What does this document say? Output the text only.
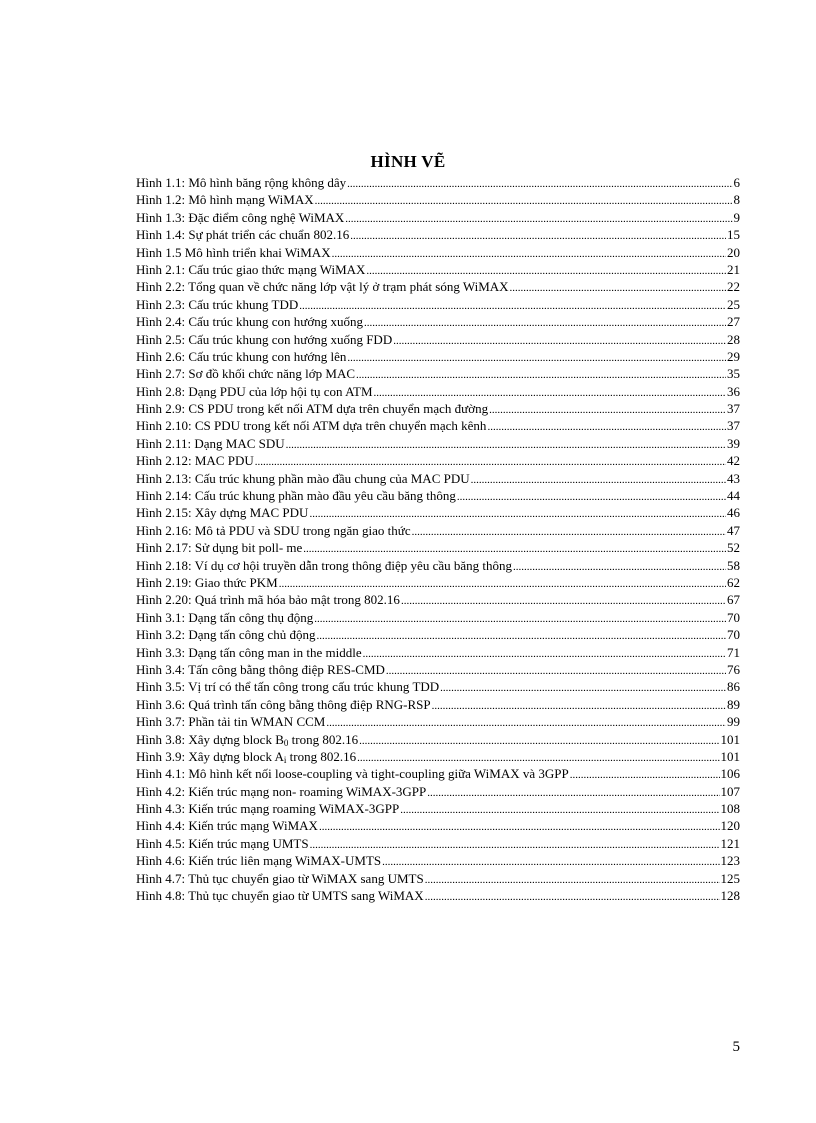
HÌNH VẼ
Hình 1.1: Mô hình băng rộng không dây .....	6
Hình 1.2: Mô hình mạng WiMAX .....	8
Hình 1.3: Đặc điểm công nghệ WiMAX .....	9
Hình 1.4: Sự phát triển các chuẩn 802.16 .....	15
Hình 1.5 Mô hình triển khai WiMAX .....	20
Hình 2.1: Cấu trúc giao thức mạng WiMAX .....	21
Hình 2.2: Tổng quan về chức năng lớp vật lý ở trạm phát sóng WiMAX .....	22
Hình 2.3: Cấu trúc khung TDD .....	25
Hình 2.4: Cấu trúc khung con hướng xuống .....	27
Hình 2.5: Cấu trúc khung con hướng xuống FDD .....	28
Hình 2.6: Cấu trúc khung con hướng lên .....	29
Hình 2.7: Sơ đồ khối chức năng lớp MAC .....	35
Hình 2.8: Dạng PDU của lớp hội tụ con ATM .....	36
Hình 2.9: CS PDU trong kết nối ATM dựa trên chuyển mạch đường .....	37
Hình 2.10: CS PDU trong kết nối ATM dựa trên chuyển mạch kênh .....	37
Hình 2.11: Dạng MAC SDU .....	39
Hình 2.12: MAC PDU .....	42
Hình 2.13: Cấu trúc khung phần mào đầu chung của MAC PDU .....	43
Hình 2.14: Cấu trúc khung phần mào đầu yêu cầu băng thông .....	44
Hình 2.15: Xây dựng MAC PDU .....	46
Hình 2.16: Mô tả PDU và SDU trong ngăn giao thức .....	47
Hình 2.17: Sử dụng bit poll- me .....	52
Hình 2.18: Ví dụ cơ hội truyền dẫn trong thông điệp yêu cầu băng thông .....	58
Hình 2.19: Giao thức PKM .....	62
Hình 2.20: Quá trình mã hóa bảo mật trong 802.16 .....	67
Hình 3.1: Dạng tấn công thụ động .....	70
Hình 3.2: Dạng tấn công chủ động .....	70
Hình 3.3: Dạng tấn công man in the middle .....	71
Hình 3.4: Tấn công bằng thông điệp RES-CMD .....	76
Hình 3.5: Vị trí có thể tấn công trong cấu trúc khung TDD .....	86
Hình 3.6: Quá trình tấn công bằng thông điệp RNG-RSP .....	89
Hình 3.7: Phần tải tin WMAN CCM .....	99
Hình 3.8: Xây dựng block $B_0$ trong 802.16 .....	101
Hình 3.9: Xây dựng block $A_i$ trong 802.16 .....	101
Hình 4.1: Mô hình kết nối loose-coupling và tight-coupling giữa WiMAX và 3GPP .....	106
Hình 4.2: Kiến trúc mạng non- roaming WiMAX-3GPP .....	107
Hình 4.3: Kiến trúc mạng roaming WiMAX-3GPP .....	108
Hình 4.4: Kiến trúc mạng WiMAX .....	120
Hình 4.5: Kiến trúc mạng UMTS .....	121
Hình 4.6: Kiến trúc liên mạng WiMAX-UMTS .....	123
Hình 4.7: Thủ tục chuyển giao từ WiMAX sang UMTS .....	125
Hình 4.8: Thủ tục chuyển giao từ UMTS sang WiMAX .....	128
5
